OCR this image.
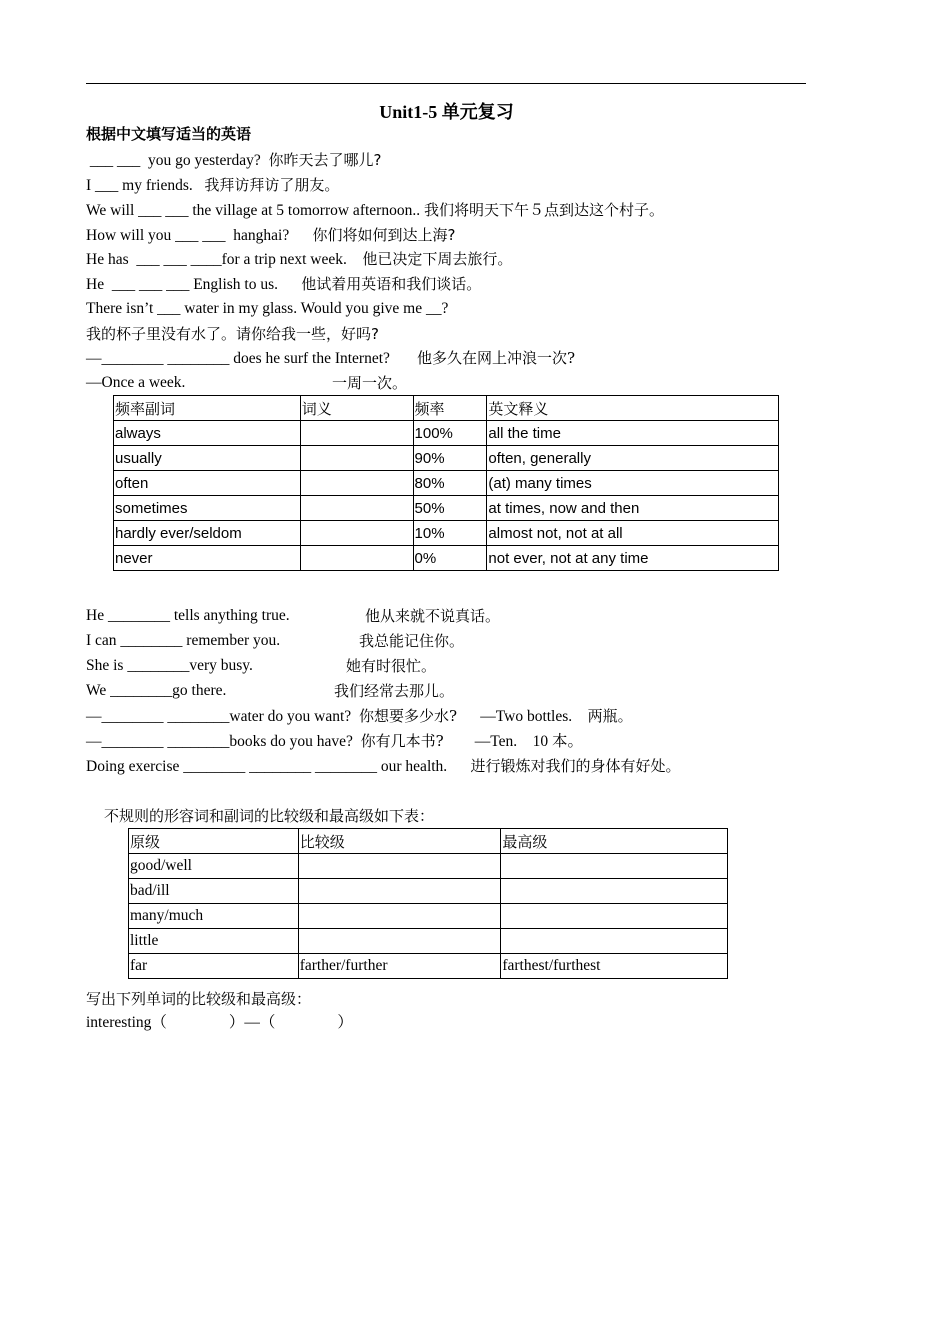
Unit1-5 单元复习
根据中文填写适当的英语
___ ___  you go yesterday? 你昨天去了哪儿?
I ___ my friends. 我拜访拜访了朋友。
We will ___ ___ the village at 5 tomorrow afternoon.. 我们将明天下午５点到达这个村子。
How will you ___ ___  hanghai? 你们将如何到达上海?
He has  ___ ___ ____for a trip next week. 他已决定下周去旅行。
He  ___ ___ ___ English to us. 他试着用英语和我们谈话。
There isn’t ___ water in my glass. Would you give me __?
我的杯子里没有水了。请你给我一些，好吗?
—________ ________ does he surf the Internet? 他多久在网上冲浪一次?
—Once a week.	一周一次。
频率副词	词义	频率	英文释义
always		100%	all the time
usually		90%	often, generally
often		80%	(at) many times
sometimes		50%	at times, now and then
hardly ever/seldom		10%	almost not, not at all
never		0%	not ever, not at any time
He ________ tells anything true.	他从来就不说真话。
I can ________ remember you.	我总能记住你。
She is ________very busy.	她有时很忙。
We ________go there.	我们经常去那儿。
—________ ________water do you want? 你想要多少水? —Two bottles. 两瓶。
—________ ________books do you have? 你有几本书? —Ten. 10 本。
Doing exercise ________ ________ ________ our health. 进行锻炼对我们的身体有好处。
不规则的形容词和副词的比较级和最高级如下表：
原级	比较级	最高级
good/well		
bad/ill		
many/much		
little		
far	farther/further	farthest/furthest
写出下列单词的比较级和最高级：
interesting（　　　　）—（　　　　）
